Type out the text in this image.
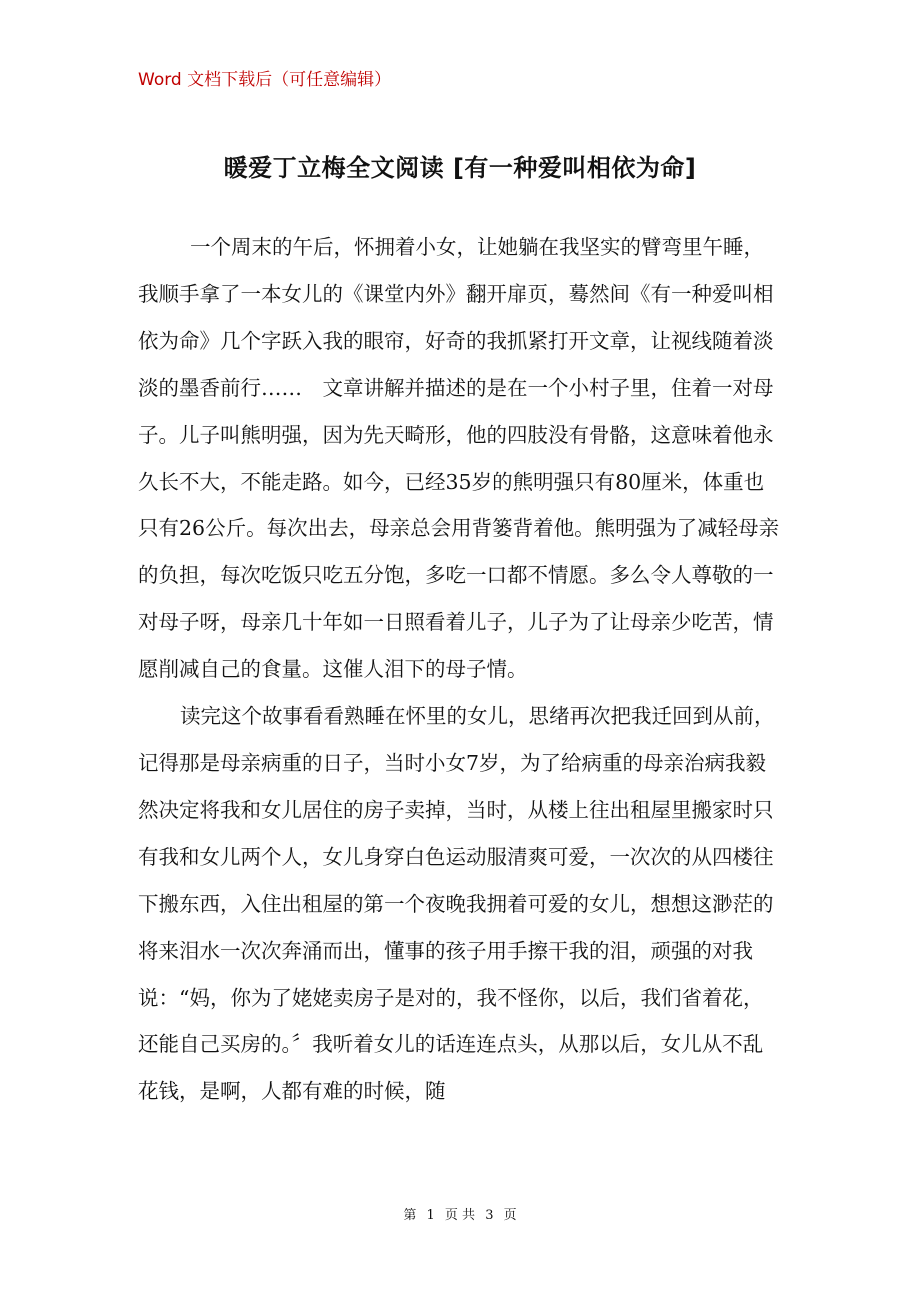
Word 文档下载后（可任意编辑）
暖爱丁立梅全文阅读 [有一种爱叫相依为命]

一个周末的午后，怀拥着小女，让她躺在我坚实的臂弯里午睡，我顺手拿了一本女儿的《课堂内外》翻开扉页，蓦然间《有一种爱叫相依为命》几个字跃入我的眼帘，好奇的我抓紧打开文章，让视线随着淡淡的墨香前行……　文章讲解并描述的是在一个小村子里，住着一对母子。儿子叫熊明强，因为先天畸形，他的四肢没有骨骼，这意味着他永久长不大，不能走路。如今，已经35岁的熊明强只有80厘米，体重也只有26公斤。每次出去，母亲总会用背篓背着他。熊明强为了减轻母亲的负担，每次吃饭只吃五分饱，多吃一口都不情愿。多么令人尊敬的一对母子呀，母亲几十年如一日照看着儿子，儿子为了让母亲少吃苦，情愿削减自己的食量。这催人泪下的母子情。

读完这个故事看看熟睡在怀里的女儿，思绪再次把我迁回到从前，记得那是母亲病重的日子，当时小女7岁，为了给病重的母亲治病我毅然决定将我和女儿居住的房子卖掉，当时，从楼上往出租屋里搬家时只有我和女儿两个人，女儿身穿白色运动服清爽可爱，一次次的从四楼往下搬东西，入住出租屋的第一个夜晚我拥着可爱的女儿，想想这渺茫的将来泪水一次次奔涌而出，懂事的孩子用手擦干我的泪，顽强的对我说：“妈，你为了姥姥卖房子是对的，我不怪你，以后，我们省着花，还能自己买房的。〞我听着女儿的话连连点头，从那以后，女儿从不乱花钱，是啊，人都有难的时候，随

第 1 页 共 3 页
